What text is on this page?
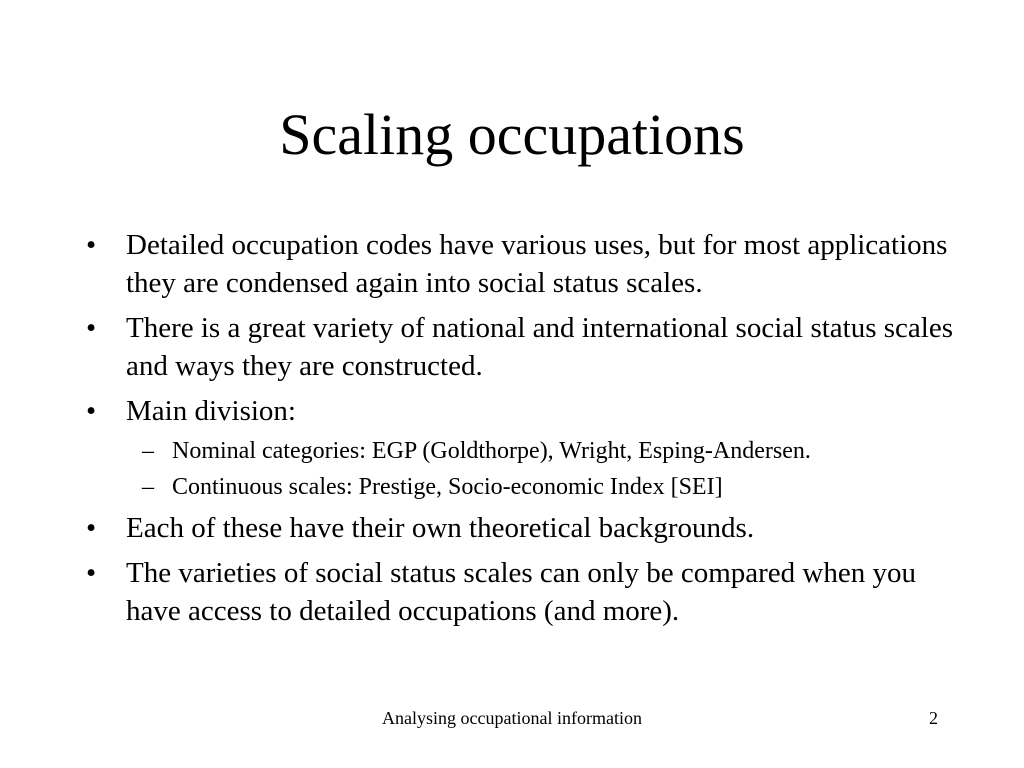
Scaling occupations
•	Detailed occupation codes have various uses, but for most applications they are condensed again into social status scales.
•	There is a great variety of national and international social status scales and ways they are constructed.
•	Main division:
– Nominal categories: EGP (Goldthorpe), Wright, Esping-Andersen.
– Continuous scales: Prestige, Socio-economic Index [SEI]
•	Each of these have their own theoretical backgrounds.
•	The varieties of social status scales can only be compared when you have access to detailed occupations (and more).
Analysing occupational information	2
